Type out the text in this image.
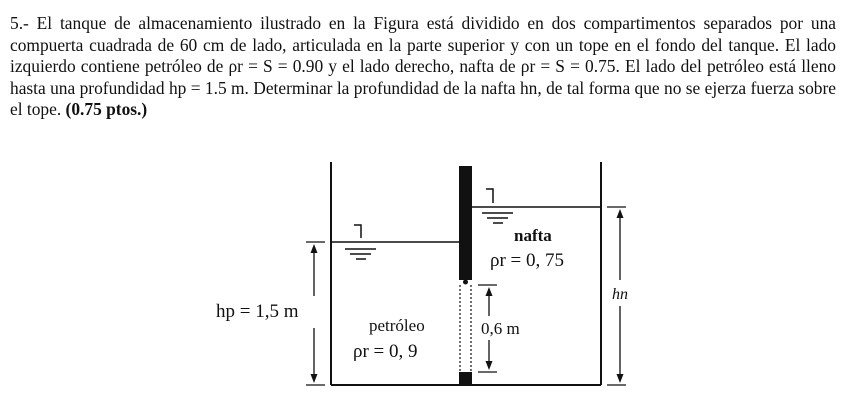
5.- El tanque de almacenamiento ilustrado en la Figura está dividido en dos compartimentos separados por una compuerta cuadrada de 60 cm de lado, articulada en la parte superior y con un tope en el fondo del tanque. El lado izquierdo contiene petróleo de ρr = S = 0.90 y el lado derecho, nafta de ρr = S = 0.75. El lado del petróleo está lleno hasta una profundidad hp = 1.5 m. Determinar la profundidad de la nafta hn, de tal forma que no se ejerza fuerza sobre el tope. (0.75 ptos.)

nafta
ρr = 0, 75
hn
hp = 1,5 m
petróleo
ρr = 0, 9
0,6 m
